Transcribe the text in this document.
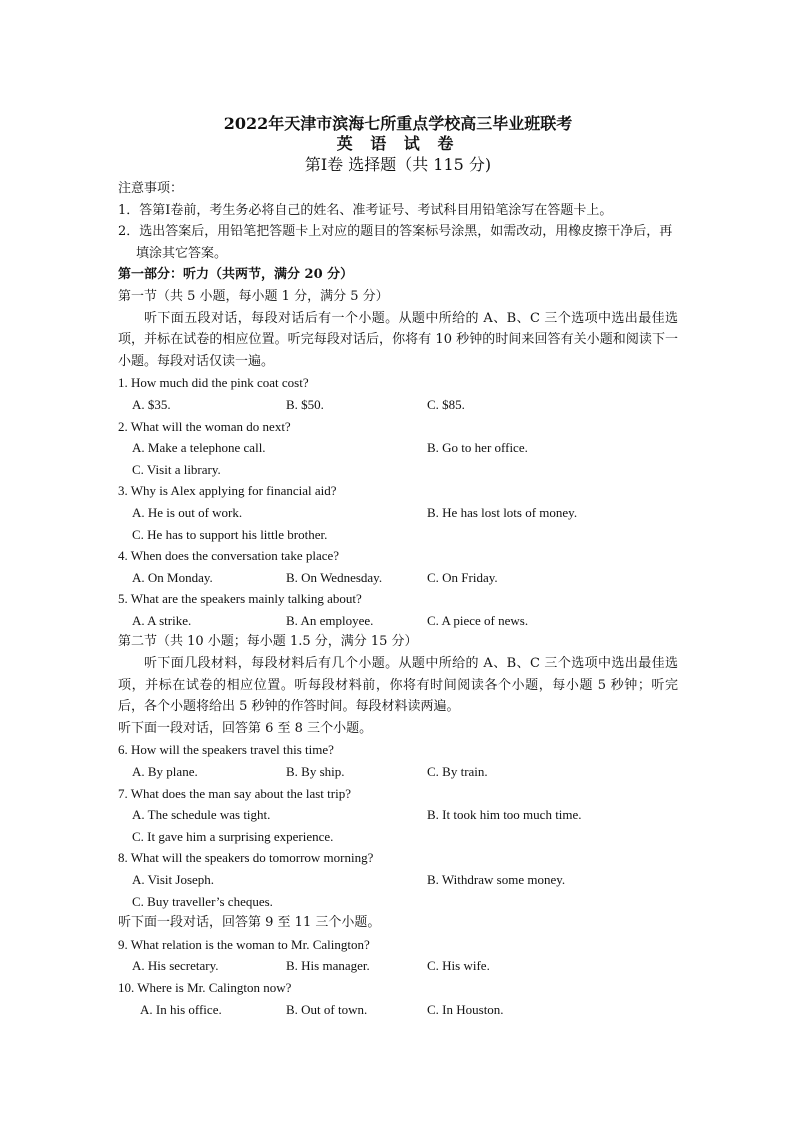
2022年天津市滨海七所重点学校高三毕业班联考

英 语 试 卷

第Ⅰ卷 选择题（共 115 分)

注意事项：

1．答第Ⅰ卷前，考生务必将自己的姓名、准考证号、考试科目用铅笔涂写在答题卡上。

2．选出答案后，用铅笔把答题卡上对应的题目的答案标号涂黑，如需改动，用橡皮擦干净后，再填涂其它答案。

第一部分：听力（共两节，满分 20 分）

第一节（共 5 小题，每小题 1 分，满分 5 分）

听下面五段对话，每段对话后有一个小题。从题中所给的 A、B、C 三个选项中选出最佳选项，并标在试卷的相应位置。听完每段对话后，你将有 10 秒钟的时间来回答有关小题和阅读下一小题。每段对话仅读一遍。

1. How much did the pink coat cost?

A. $35.	B. $50.	C. $85.

2. What will the woman do next?

A. Make a telephone call.	B. Go to her office.
C. Visit a library.

3. Why is Alex applying for financial aid?

A. He is out of work.	B. He has lost lots of money.
C. He has to support his little brother.

4. When does the conversation take place?

A. On Monday.	B. On Wednesday.	C. On Friday.

5. What are the speakers mainly talking about?

A. A strike.	B. An employee.	C. A piece of news.

第二节（共 10 小题；每小题 1.5 分，满分 15 分）

听下面几段材料，每段材料后有几个小题。从题中所给的 A、B、C 三个选项中选出最佳选项，并标在试卷的相应位置。听每段材料前，你将有时间阅读各个小题，每小题 5 秒钟；听完后，各个小题将给出 5 秒钟的作答时间。每段材料读两遍。

听下面一段对话，回答第 6 至 8 三个小题。

6. How will the speakers travel this time?

A. By plane.	B. By ship.	C. By train.

7. What does the man say about the last trip?

A. The schedule was tight.	B. It took him too much time.
C. It gave him a surprising experience.

8. What will the speakers do tomorrow morning?

A. Visit Joseph.	B. Withdraw some money.
C. Buy traveller’s cheques.

听下面一段对话，回答第 9 至 11 三个小题。

9. What relation is the woman to Mr. Calington?

A. His secretary.	B. His manager.	C. His wife.

10. Where is Mr. Calington now?

A. In his office.	B. Out of town.	C. In Houston.
